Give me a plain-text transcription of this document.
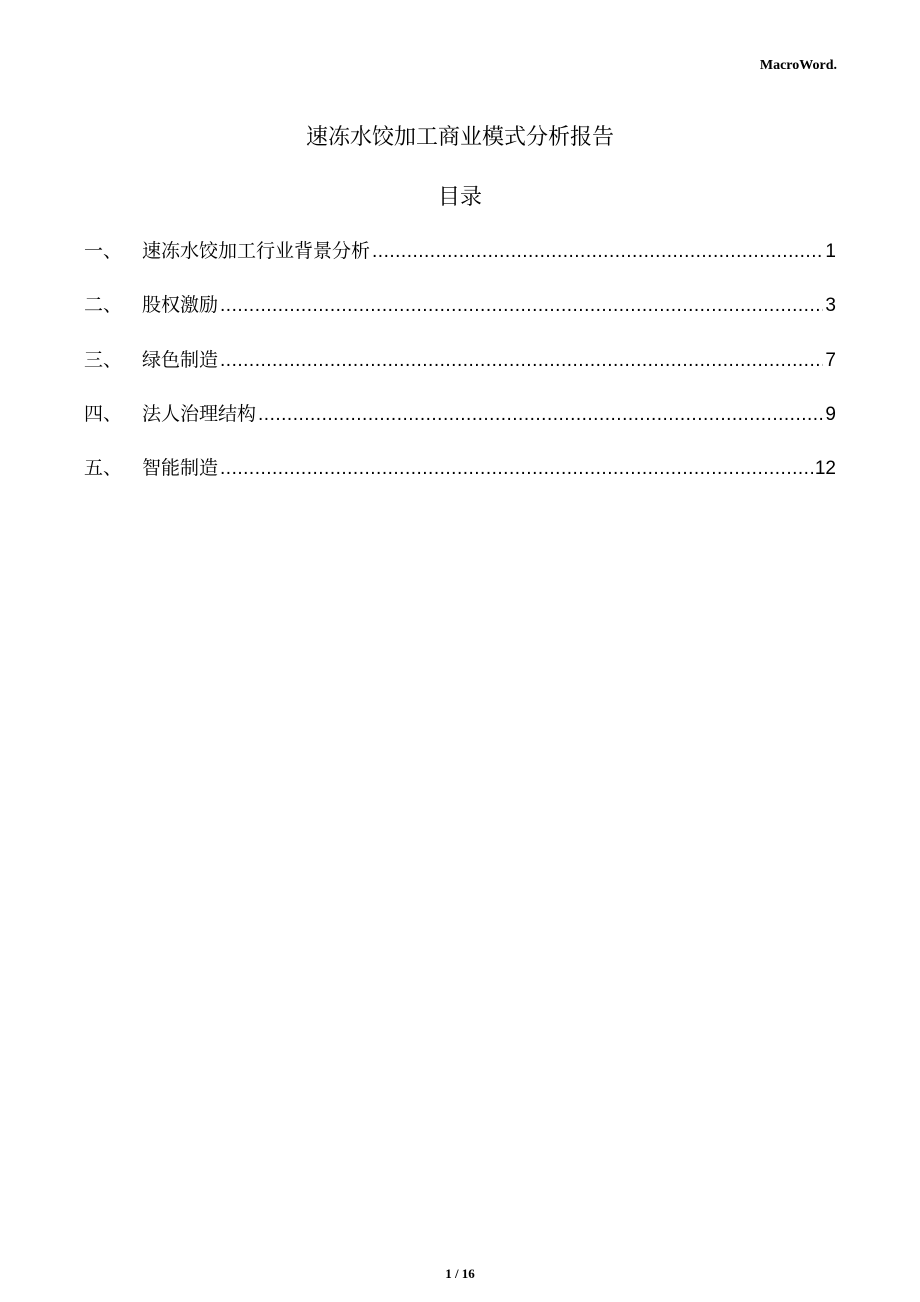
MacroWord.
速冻水饺加工商业模式分析报告
目录
一、	速冻水饺加工行业背景分析 .....	1
二、	股权激励 .....	3
三、	绿色制造 .....	7
四、	法人治理结构 .....	9
五、	智能制造 .....	12
1 / 16
